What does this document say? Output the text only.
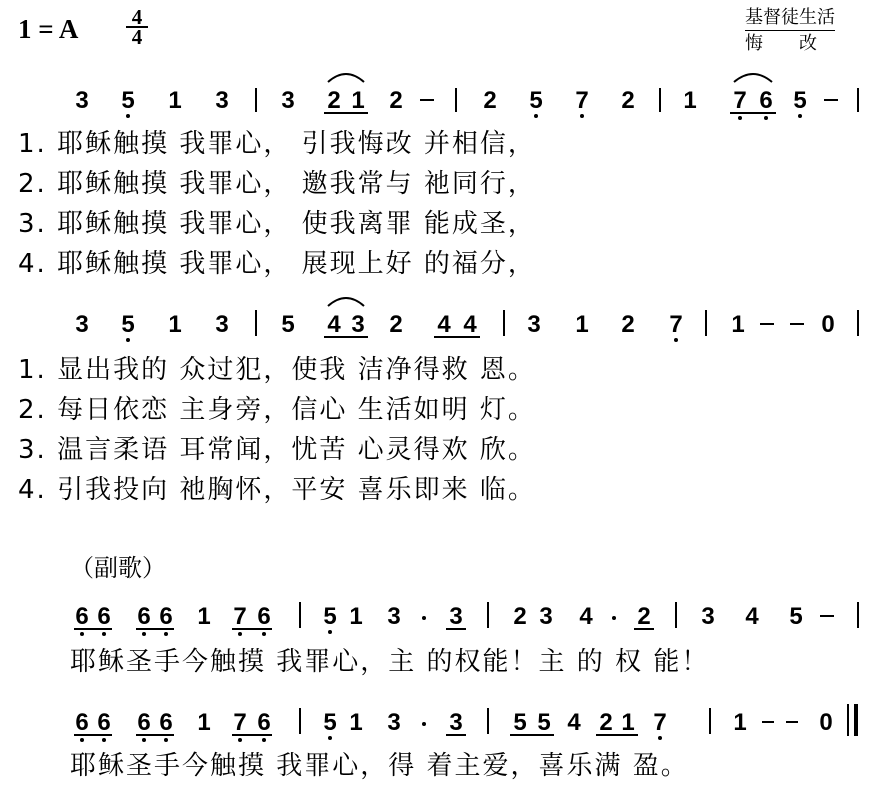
1 = A	4
4
基督徒生活
悔　　改
3 5 1 3 3 2 1 2	2 5 7 2 1 7 6 5
1. 耶稣触摸 我罪心， 引我悔改 并相信，
2. 耶稣触摸 我罪心， 邀我常与 祂同行，
3. 耶稣触摸 我罪心， 使我离罪 能成圣，
4. 耶稣触摸 我罪心， 展现上好 的福分，
3 5 1 3 5 4 3 2 4 4 3 1 2 7 1	0
1. 显出我的 众过犯，使我 洁净得救 恩。
2. 每日依恋 主身旁，信心 生活如明 灯。
3. 温言柔语 耳常闻，忧苦 心灵得欢 欣。
4. 引我投向 祂胸怀，平安 喜乐即来 临。
（副歌）
6 6 6 6 1 7 6 5 1 3 3 2 3 4 2 3 4 5
耶稣圣手今触摸 我罪心，主 的权能！主 的 权 能！
6 6 6 6 1 7 6 5 1 3 3 5 5 4 2 1 7	1	0
耶稣圣手今触摸 我罪心，得 着主爱，喜乐满 盈。
